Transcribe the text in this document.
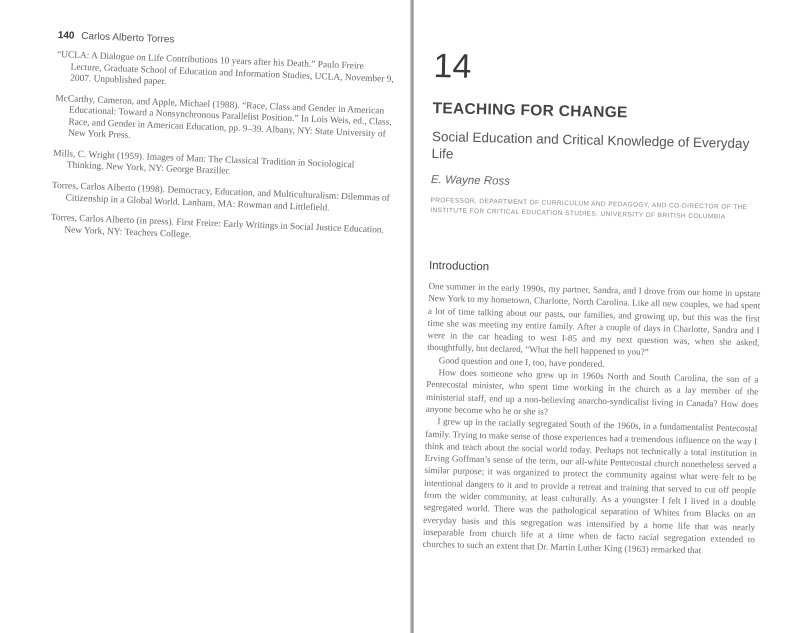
140 Carlos Alberto Torres

“UCLA: A Dialogue on Life Contributions 10 years after his Death.” Paulo Freire Lecture, Graduate School of Education and Information Studies, UCLA, November 9, 2007. Unpublished paper.

McCarthy, Cameron, and Apple, Michael (1988). “Race, Class and Gender in American Educational: Toward a Nonsynchronous Parallelist Position.” In Lois Weis, ed., Class, Race, and Gender in American Education, pp. 9–39. Albany, NY: State University of New York Press.

Mills, C. Wright (1959). Images of Man: The Classical Tradition in Sociological Thinking. New York, NY: George Braziller.

Torres, Carlos Alberto (1998). Democracy, Education, and Multiculturalism: Dilemmas of Citizenship in a Global World. Lanham, MA: Rowman and Littlefield.

Torres, Carlos Alberto (in press). First Freire: Early Writings in Social Justice Education. New York, NY: Teachers College.

14

TEACHING FOR CHANGE

Social Education and Critical Knowledge of Everyday Life

E. Wayne Ross

PROFESSOR, DEPARTMENT OF CURRICULUM AND PEDAGOGY, AND CO-DIRECTOR OF THE INSTITUTE FOR CRITICAL EDUCATION STUDIES, UNIVERSITY OF BRITISH COLUMBIA

Introduction

One summer in the early 1990s, my partner, Sandra, and I drove from our home in upstate New York to my hometown, Charlotte, North Carolina. Like all new couples, we had spent a lot of time talking about our pasts, our families, and growing up, but this was the first time she was meeting my entire family. After a couple of days in Charlotte, Sandra and I were in the car heading to west I-85 and my next question was, when she asked, thoughtfully, but declared, “What the hell happened to you?”

Good question and one I, too, have pondered.

How does someone who grew up in 1960s North and South Carolina, the son of a Pentecostal minister, who spent time working in the church as a lay member of the ministerial staff, end up a non-believing anarcho-syndicalist living in Canada? How does anyone become who he or she is?

I grew up in the racially segregated South of the 1960s, in a fundamentalist Pentecostal family. Trying to make sense of those experiences had a tremendous influence on the way I think and teach about the social world today. Perhaps not technically a total institution in Erving Goffman’s sense of the term, our all-white Pentecostal church nonetheless served a similar purpose; it was organized to protect the community against what were felt to be intentional dangers to it and to provide a retreat and training that served to cut off people from the wider community, at least culturally. As a youngster I felt I lived in a double segregated world. There was the pathological separation of Whites from Blacks on an everyday basis and this segregation was intensified by a home life that was nearly inseparable from church life at a time when de facto racial segregation extended to churches to such an extent that Dr. Martin Luther King (1963) remarked that
